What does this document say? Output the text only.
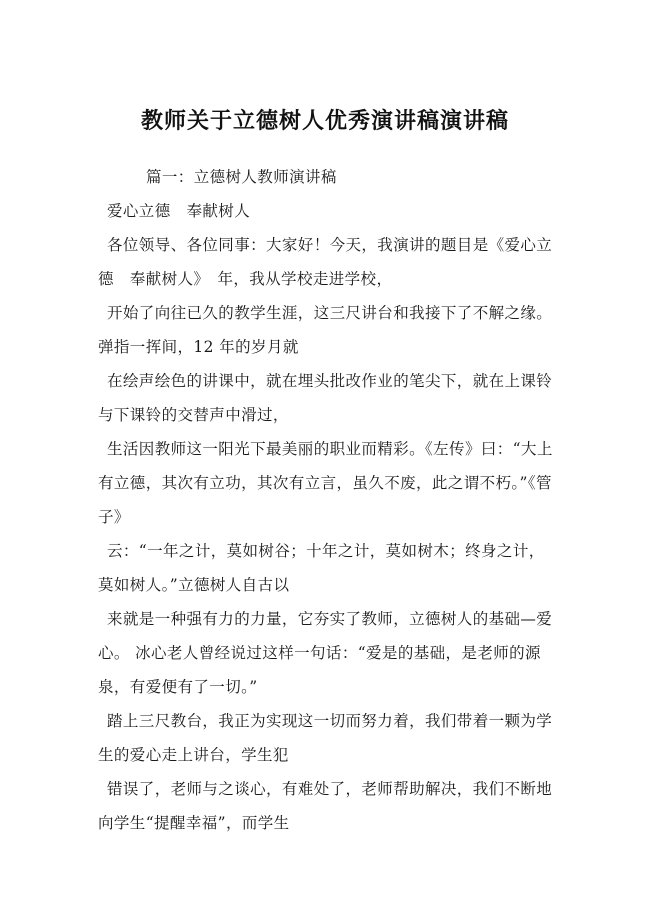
教师关于立德树人优秀演讲稿演讲稿

篇一：立德树人教师演讲稿

爱心立德　奉献树人

各位领导、各位同事：大家好！今天，我演讲的题目是《爱心立德　奉献树人》　年，我从学校走进学校，

开始了向往已久的教学生涯，这三尺讲台和我接下了不解之缘。弹指一挥间，12 年的岁月就

在绘声绘色的讲课中，就在埋头批改作业的笔尖下，就在上课铃与下课铃的交替声中滑过，

生活因教师这一阳光下最美丽的职业而精彩。《左传》曰：“大上有立德，其次有立功，其次有立言，虽久不废，此之谓不朽。”《管子》

云：“一年之计，莫如树谷；十年之计，莫如树木；终身之计，莫如树人。”立德树人自古以

来就是一种强有力的力量，它夯实了教师，立德树人的基础—爱心。 冰心老人曾经说过这样一句话：“爱是的基础，是老师的源泉，有爱便有了一切。”

踏上三尺教台，我正为实现这一切而努力着，我们带着一颗为学生的爱心走上讲台，学生犯

错误了，老师与之谈心，有难处了，老师帮助解决，我们不断地向学生“提醒幸福”，而学生
